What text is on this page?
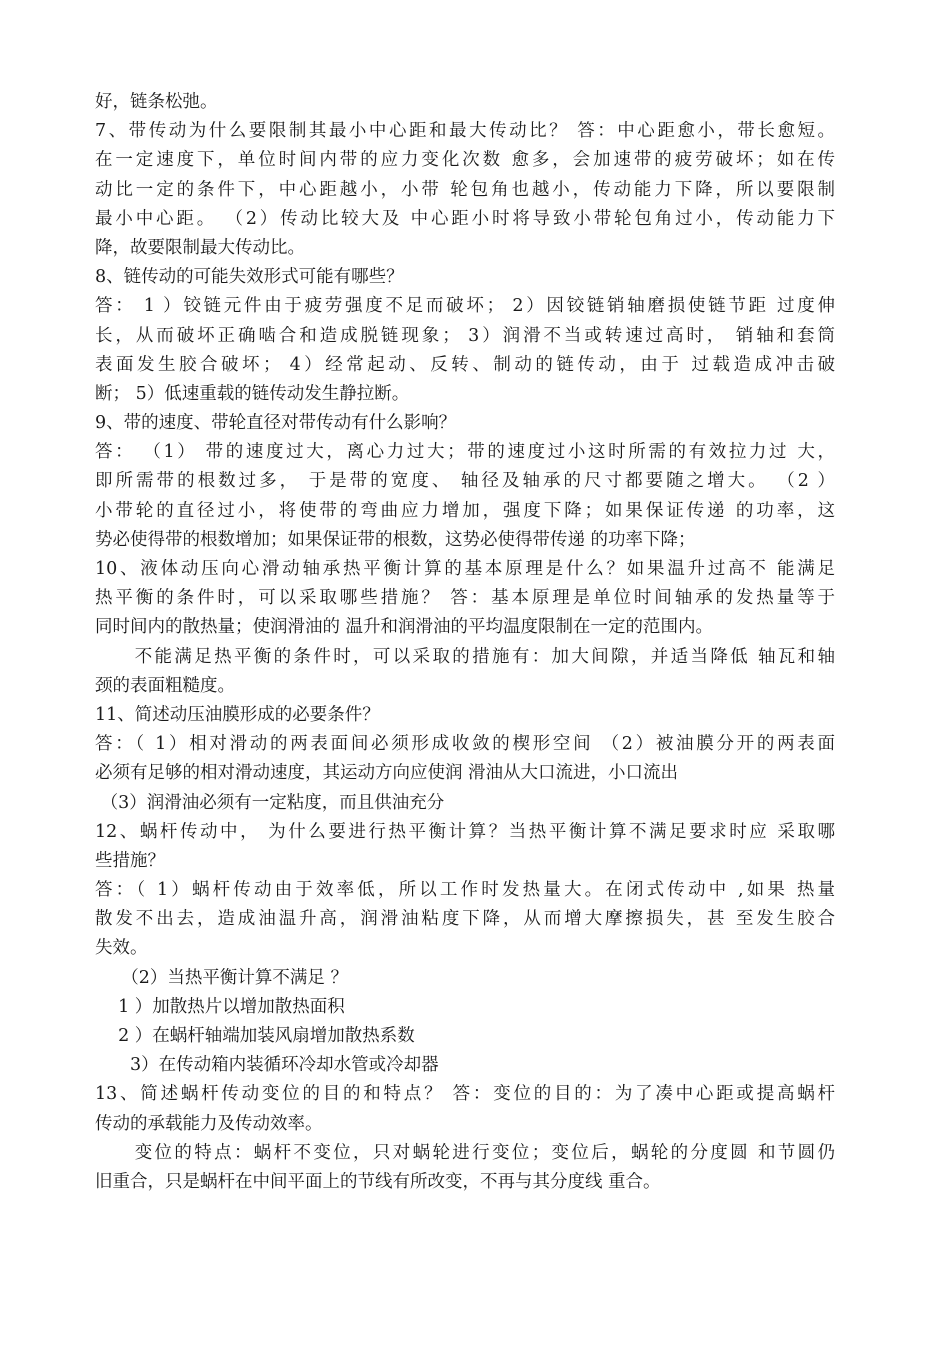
好，链条松弛。
7、带传动为什么要限制其最小中心距和最大传动比？ 答：中心距愈小，带长愈短。
在一定速度下，单位时间内带的应力变化次数 愈多，会加速带的疲劳破坏；如在传
动比一定的条件下，中心距越小，小带 轮包角也越小，传动能力下降，所以要限制
最小中心距。 （2）传动比较大及 中心距小时将导致小带轮包角过小，传动能力下
降，故要限制最大传动比。
8、链传动的可能失效形式可能有哪些？
答： 1 ）铰链元件由于疲劳强度不足而破坏； 2）因铰链销轴磨损使链节距 过度伸
长，从而破坏正确啮合和造成脱链现象； 3）润滑不当或转速过高时， 销轴和套筒
表面发生胶合破坏； 4）经常起动、反转、制动的链传动，由于 过载造成冲击破
断； 5）低速重载的链传动发生静拉断。
9、带的速度、带轮直径对带传动有什么影响？
答： （1） 带的速度过大，离心力过大；带的速度过小这时所需的有效拉力过 大，
即所需带的根数过多， 于是带的宽度、 轴径及轴承的尺寸都要随之增大。 （2 ）
小带轮的直径过小，将使带的弯曲应力增加，强度下降；如果保证传递 的功率，这
势必使得带的根数增加；如果保证带的根数，这势必使得带传递 的功率下降；
10、液体动压向心滑动轴承热平衡计算的基本原理是什么？如果温升过高不 能满足
热平衡的条件时，可以采取哪些措施？ 答：基本原理是单位时间轴承的发热量等于
同时间内的散热量；使润滑油的 温升和润滑油的平均温度限制在一定的范围内。
　　不能满足热平衡的条件时，可以采取的措施有：加大间隙，并适当降低 轴瓦和轴
颈的表面粗糙度。
11、简述动压油膜形成的必要条件？
答：（ 1）相对滑动的两表面间必须形成收敛的楔形空间 （2）被油膜分开的两表面
必须有足够的相对滑动速度，其运动方向应使润 滑油从大口流进，小口流出
（3）润滑油必须有一定粘度，而且供油充分
12、蜗杆传动中， 为什么要进行热平衡计算？当热平衡计算不满足要求时应 采取哪
些措施？
答：（ 1）蜗杆传动由于效率低，所以工作时发热量大。在闭式传动中 ,如果 热量
散发不出去，造成油温升高，润滑油粘度下降，从而增大摩擦损失，甚 至发生胶合
失效。
　　（2）当热平衡计算不满足 ？
　 1 ）加散热片以增加散热面积
　 2 ）在蜗杆轴端加装风扇增加散热系数
　　3）在传动箱内装循环冷却水管或冷却器
13、简述蜗杆传动变位的目的和特点？ 答：变位的目的：为了凑中心距或提高蜗杆
传动的承载能力及传动效率。
　　变位的特点：蜗杆不变位，只对蜗轮进行变位；变位后，蜗轮的分度圆 和节圆仍
旧重合，只是蜗杆在中间平面上的节线有所改变，不再与其分度线 重合。
